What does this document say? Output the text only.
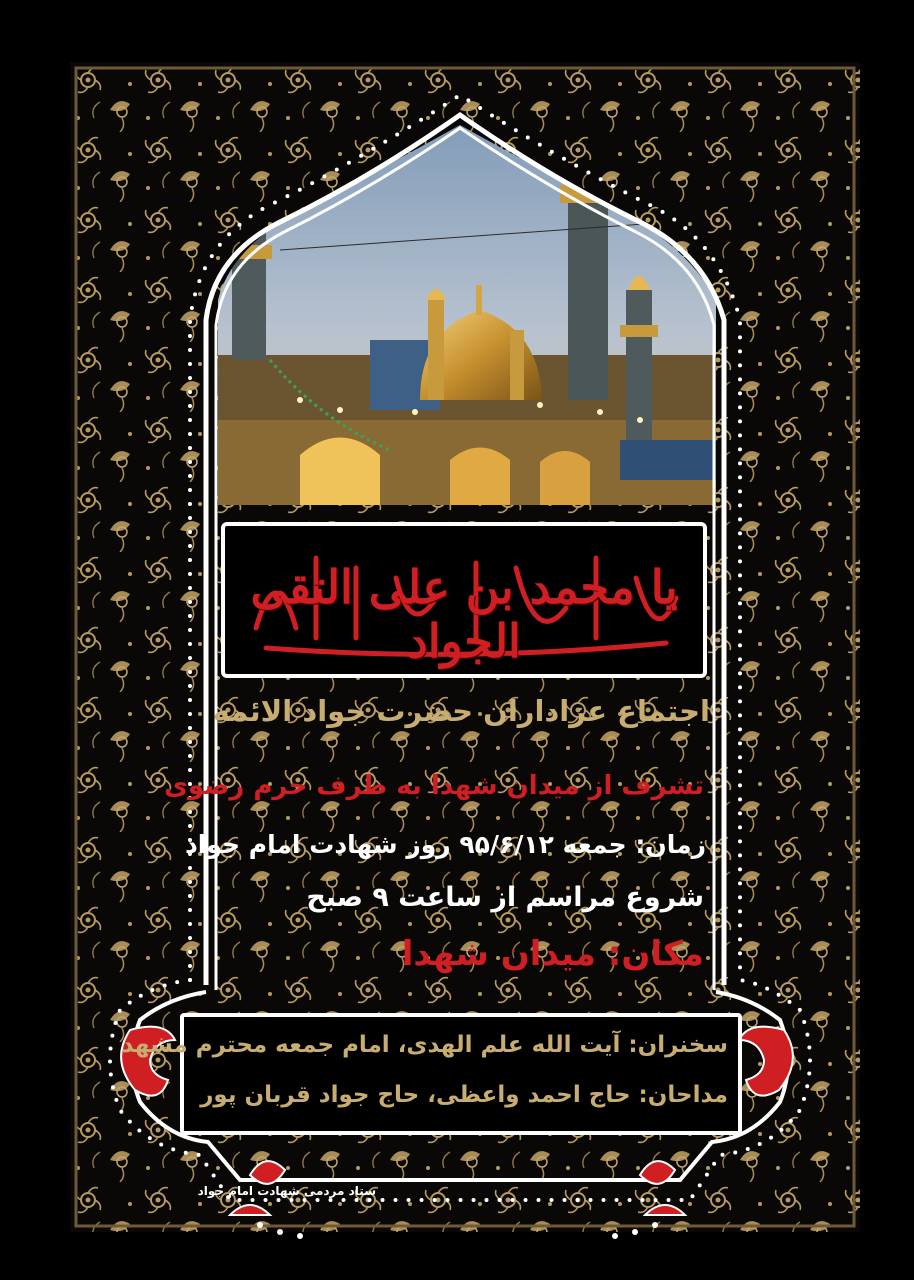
یا محمد بن علی التقی الجواد
اجتماع عزاداران حضرت جواد الائمه
تشرف از میدان شهدا به طرف حرم رضوی
زمان: جمعه ۹۵/۶/۱۲ روز شهادت امام جواد
شروع مراسم از ساعت ۹ صبح
مکان: میدان شهدا
سخنران: آیت الله علم الهدی، امام جمعه محترم مشهد
مداحان: حاج احمد واعظی، حاج جواد قربان پور
ستاد مردمی شهادت امام جواد
